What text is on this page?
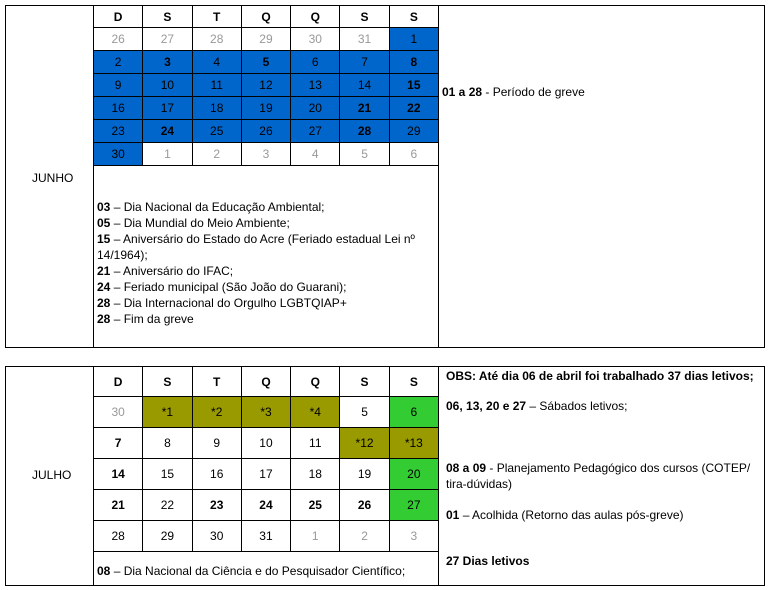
JUNHO
D	S	T	Q	Q	S	S
26	27	28	29	30	31	1
2	3	4	5	6	7	8
9	10	11	12	13	14	15
16	17	18	19	20	21	22
23	24	25	26	27	28	29
30	1	2	3	4	5	6
01 a 28 - Período de greve
03 – Dia Nacional da Educação Ambiental;
05 – Dia Mundial do Meio Ambiente;
15 – Aniversário do Estado do Acre (Feriado estadual Lei nº 14/1964);
21 – Aniversário do IFAC;
24 – Feriado municipal (São João do Guarani);
28 – Dia Internacional do Orgulho LGBTQIAP+
28 – Fim da greve
JULHO
D	S	T	Q	Q	S	S
30	*1	*2	*3	*4	5	6
7	8	9	10	11	*12	*13
14	15	16	17	18	19	20
21	22	23	24	25	26	27
28	29	30	31	1	2	3
08 – Dia Nacional da Ciência e do Pesquisador Científico;
OBS: Até dia 06 de abril foi trabalhado 37 dias letivos;
06, 13, 20 e 27 – Sábados letivos;
08 a 09 - Planejamento Pedagógico dos cursos (COTEP/ tira-dúvidas)
01 – Acolhida (Retorno das aulas pós-greve)
27 Dias letivos
